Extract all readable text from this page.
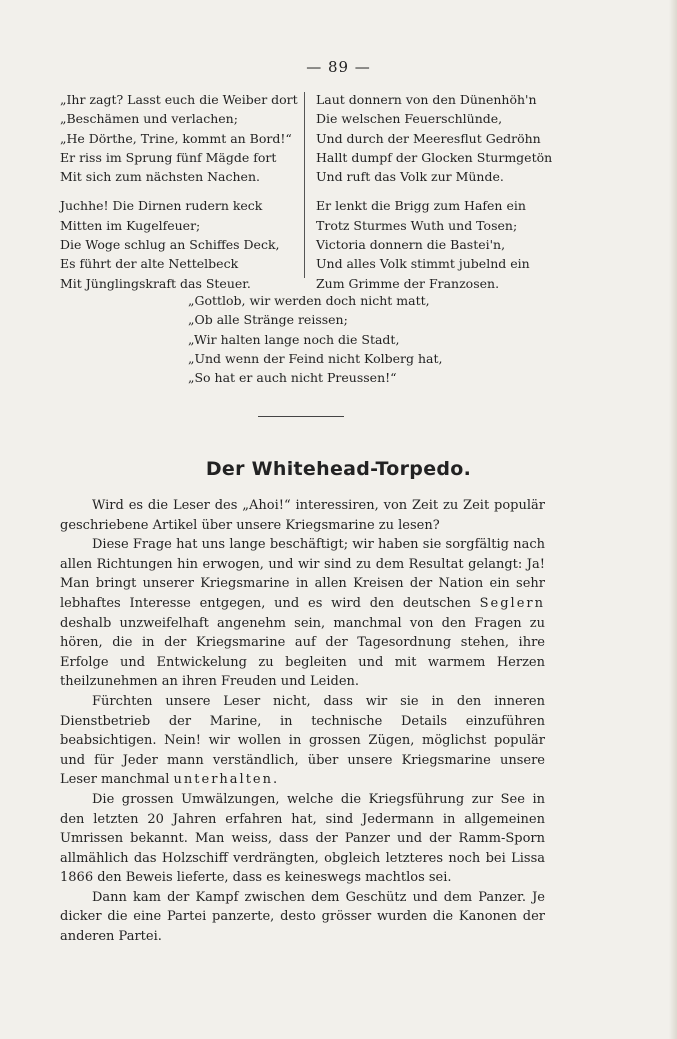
— 89 —
„Ihr zagt? Lasst euch die Weiber dort
„Beschämen und verlachen;
„He Dörthe, Trine, kommt an Bord!“
Er riss im Sprung fünf Mägde fort
Mit sich zum nächsten Nachen.
Juchhe! Die Dirnen rudern keck
Mitten im Kugelfeuer;
Die Woge schlug an Schiffes Deck,
Es führt der alte Nettelbeck
Mit Jünglingskraft das Steuer.
Laut donnern von den Dünenhöh'n
Die welschen Feuerschlünde,
Und durch der Meeresflut Gedröhn
Hallt dumpf der Glocken Sturmgetön
Und ruft das Volk zur Münde.
Er lenkt die Brigg zum Hafen ein
Trotz Sturmes Wuth und Tosen;
Victoria donnern die Bastei'n,
Und alles Volk stimmt jubelnd ein
Zum Grimme der Franzosen.
„Gottlob, wir werden doch nicht matt,
„Ob alle Stränge reissen;
„Wir halten lange noch die Stadt,
„Und wenn der Feind nicht Kolberg hat,
„So hat er auch nicht Preussen!“
Der Whitehead-Torpedo.

Wird es die Leser des „Ahoi!“ interessiren, von Zeit zu Zeit populär geschriebene Artikel über unsere Kriegsmarine zu lesen?

Diese Frage hat uns lange beschäftigt; wir haben sie sorgfältig nach allen Richtungen hin erwogen, und wir sind zu dem Resultat gelangt: Ja! Man bringt unserer Kriegsmarine in allen Kreisen der Nation ein sehr lebhaftes Interesse entgegen, und es wird den deutschen Seglern deshalb unzweifelhaft angenehm sein, manchmal von den Fragen zu hören, die in der Kriegsmarine auf der Tagesordnung stehen, ihre Erfolge und Entwickelung zu begleiten und mit warmem Herzen theilzunehmen an ihren Freuden und Leiden.

Fürchten unsere Leser nicht, dass wir sie in den inneren Dienstbetrieb der Marine, in technische Details einzuführen beabsichtigen. Nein! wir wollen in grossen Zügen, möglichst populär und für Jeder mann verständlich, über unsere Kriegsmarine unsere Leser manchmal unterhalten.

Die grossen Umwälzungen, welche die Kriegsführung zur See in den letzten 20 Jahren erfahren hat, sind Jedermann in allgemeinen Umrissen bekannt. Man weiss, dass der Panzer und der Ramm-Sporn allmählich das Holzschiff verdrängten, obgleich letzteres noch bei Lissa 1866 den Beweis lieferte, dass es keineswegs machtlos sei.

Dann kam der Kampf zwischen dem Geschütz und dem Panzer. Je dicker die eine Partei panzerte, desto grösser wurden die Kanonen der anderen Partei.
